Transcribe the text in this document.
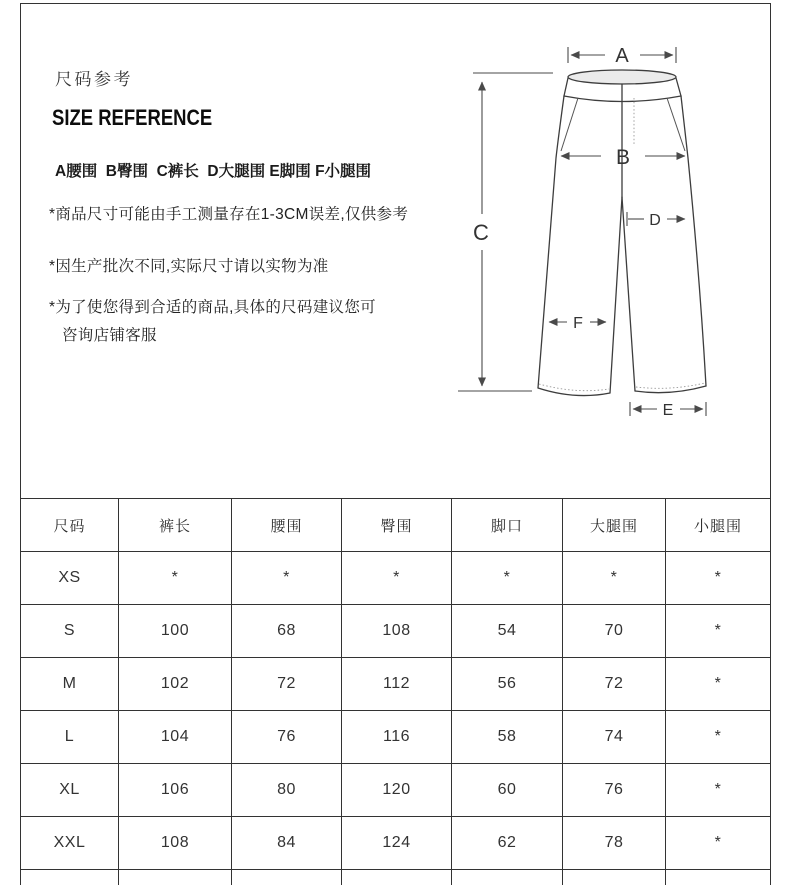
尺码参考
SIZE REFERENCE
A腰围  B臀围  C裤长  D大腿围 E脚围 F小腿围
*商品尺寸可能由手工测量存在1-3CM误差,仅供参考
*因生产批次不同,实际尺寸请以实物为准
*为了使您得到合适的商品,具体的尺码建议您可
咨询店铺客服
A
B
C	D
F
E
尺码	裤长	腰围	臀围	脚口	大腿围	小腿围
XS	*	*	*	*	*	*
S	100	68	108	54	70	*
M	102	72	112	56	72	*
L	104	76	116	58	74	*
XL	106	80	120	60	76	*
XXL	108	84	124	62	78	*
